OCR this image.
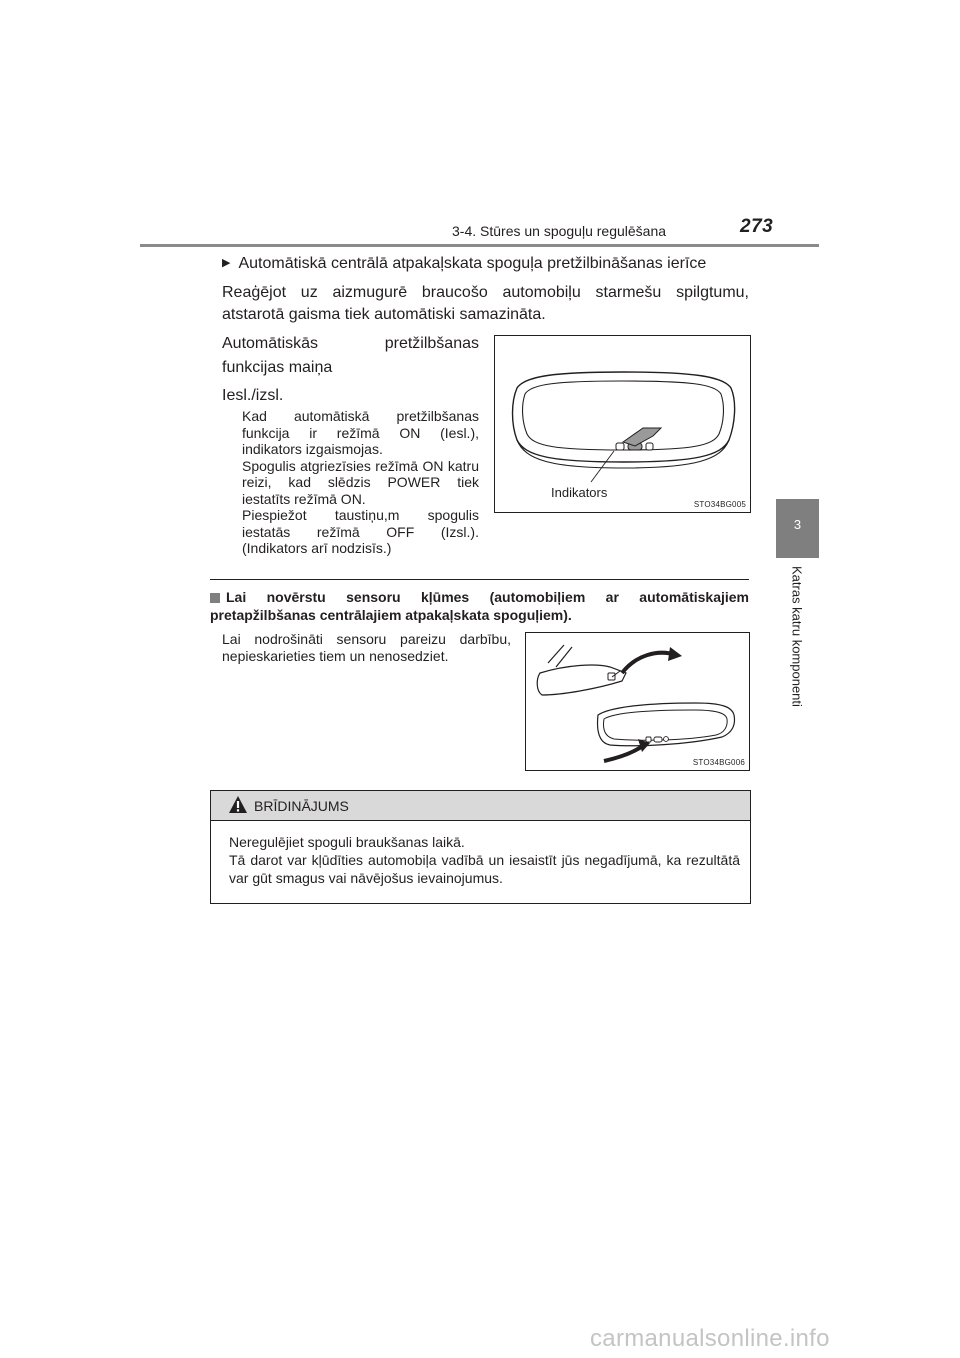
3-4. Stūres un spoguļu regulēšana	273
3
Katras katru komponenti
▶ Automātiskā centrālā atpakaļskata spoguļa pretžilbināšanas ierīce
Reaģējot uz aizmugurē braucošo automobiļu starmešu spilgtumu, atstarotā gaisma tiek automātiski samazināta.
Automātiskās pretžilbšanas
funkcijas maiņa
Iesl./izsl.
Kad automātiskā pretžilbšanas funkcija ir režīmā ON (Iesl.), indikators izgaismojas.
Spogulis atgriezīsies režīmā ON katru reizi, kad slēdzis POWER tiek iestatīts režīmā ON.
Piespiežot taustiņu,m spogulis iestatās režīmā OFF (Izsl.). (Indikators arī nodzisīs.)
Indikators
STO34BG005
Lai novērstu sensoru kļūmes (automobiļiem ar automātiskajiem pretapžilbšanas centrālajiem atpakaļskata spoguļiem).
Lai nodrošināti sensoru pareizu darbību, nepieskarieties tiem un nenosedziet.
STO34BG006
BRĪDINĀJUMS
Neregulējiet spoguli braukšanas laikā.
Tā darot var kļūdīties automobiļa vadībā un iesaistīt jūs negadījumā, ka rezultātā var gūt smagus vai nāvējošus ievainojumus.
carmanualsonline.info
